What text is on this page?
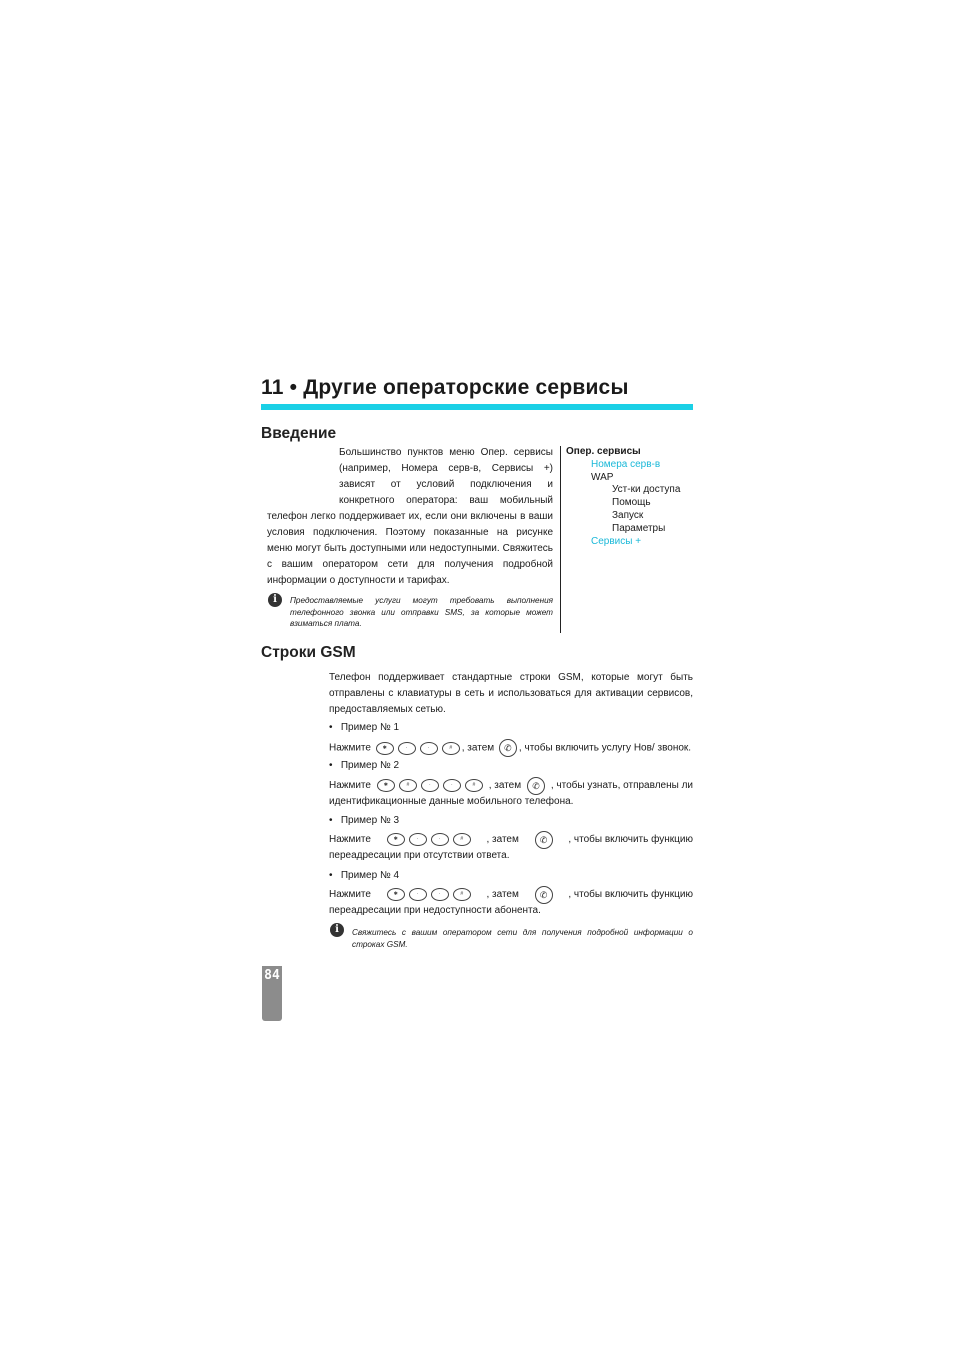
11 • Другие операторские сервисы
Введение
Большинство пунктов меню Опер. сервисы
(например, Номера серв-в, Сервисы +)
зависят от условий подключения и
конкретного оператора: ваш мобильный
телефон легко поддерживает их, если они включены в ваши
условия подключения. Поэтому показанные на рисунке
меню могут быть доступными или недоступными. Свяжитесь
с вашим оператором сети для получения подробной
информации о доступности и тарифах.
i	Предоставляемые услуги могут требовать выполнения
телефонного звонка или отправки SMS, за которые может
взиматься плата.
Опер. сервисы
Номера серв-в
WAP
Уст-ки доступа
Помощь
Запуск
Параметры
Сервисы +
Строки GSM
Телефон поддерживает стандартные строки GSM, которые могут быть
отправлены с клавиатуры в сеть и использоваться для активации сервисов,
предоставляемых сетью.
•   Пример № 1
Нажмите ✱	·	·	# , затем ✆ , чтобы включить услугу Нов/ звонок.
•   Пример № 2
Нажмите	✱	#	·	·	#	, затем	✆	, чтобы узнать, отправлены ли
идентификационные данные мобильного телефона.
•   Пример № 3
Нажмите	✱	·	·	#	, затем	✆	, чтобы включить функцию
переадресации при отсутствии ответа.
•   Пример № 4
Нажмите	✱	·	·	#	, затем	✆	, чтобы включить функцию
переадресации при недоступности абонента.
i	Свяжитесь с вашим оператором сети для получения подробной информации о
строках GSM.
84
